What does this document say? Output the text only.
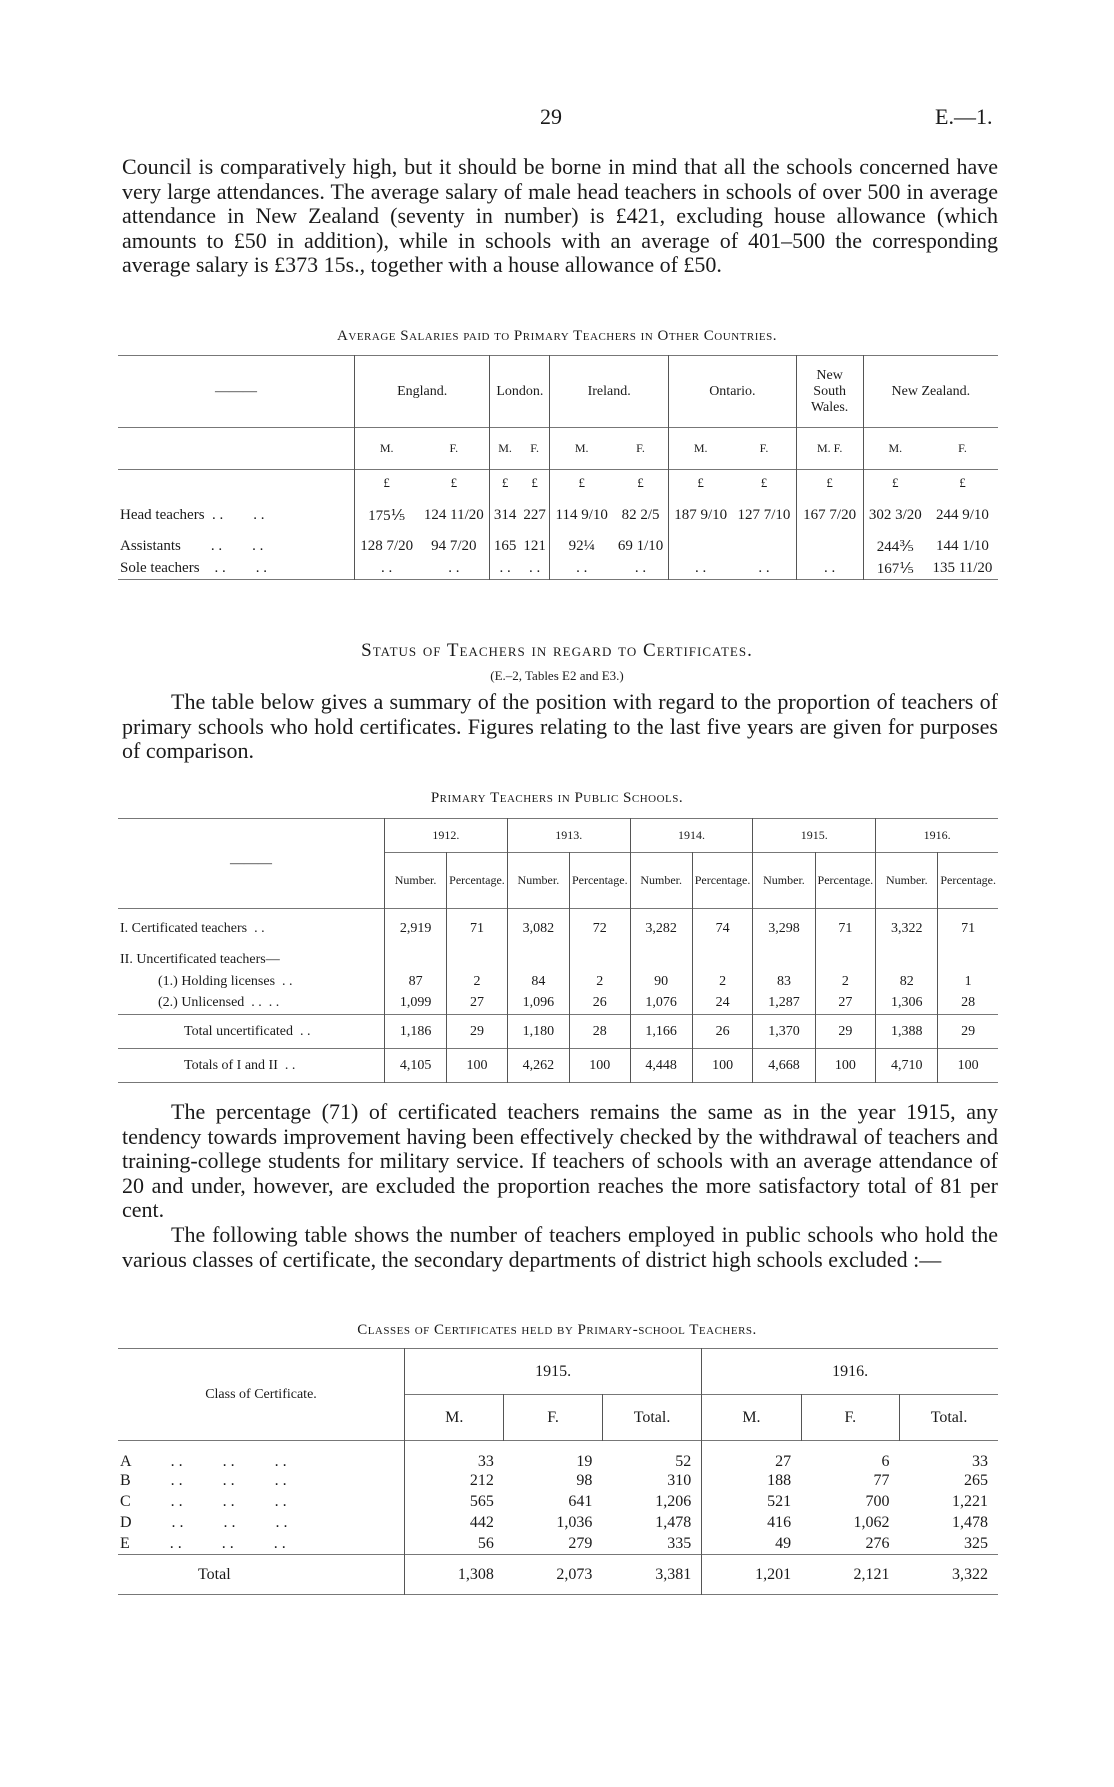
29	E.—1.

Council is comparatively high, but it should be borne in mind that all the schools concerned have very large attendances. The average salary of male head teachers in schools of over 500 in average attendance in New Zealand (seventy in number) is £421, excluding house allowance (which amounts to £50 in addition), while in schools with an average of 401–500 the corresponding average salary is £373 15s., together with a house allowance of £50.

Average Salaries paid to Primary Teachers in Other Countries.
———	England.		London.		Ireland.		Ontario.		New South Wales.	New Zealand.	
	M.	F.	M.	F.	M.	F.	M.	F.	M. F.	M.	F.
	£	£	£	£	£	£	£	£	£	£	£
Head teachers  . .        . .	175⅕	124 11/20	314	227	114 9/10	82 2/5	187 9/10	127 7/10	167 7/20	302 3/20	244 9/10
Assistants        . .        . .	128 7/20	94 7/20	165	121	92¼	69 1/10				244⅗	144 1/10
Sole teachers    . .        . .	. .	. .	. .	. .	. .	. .	. .	. .	. .	167⅕	135 11/20
Status of Teachers in regard to Certificates.
(E.–2, Tables E2 and E3.)

The table below gives a summary of the position with regard to the proportion of teachers of primary schools who hold certificates. Figures relating to the last five years are given for purposes of comparison.

Primary Teachers in Public Schools.
———	1912.		1913.		1914.		1915.		1916.	
	Number.	Percentage.	Number.	Percentage.	Number.	Percentage.	Number.	Percentage.	Number.	Percentage.
I. Certificated teachers  . .	2,919	71	3,082	72	3,282	74	3,298	71	3,322	71
II. Uncertificated teachers—										
(1.) Holding licenses  . .	87	2	84	2	90	2	83	2	82	1
(2.) Unlicensed  . .  . .	1,099	27	1,096	26	1,076	24	1,287	27	1,306	28
Total uncertificated  . .	1,186	29	1,180	28	1,166	26	1,370	29	1,388	29
Totals of I and II  . .	4,105	100	4,262	100	4,448	100	4,668	100	4,710	100

The percentage (71) of certificated teachers remains the same as in the year 1915, any tendency towards improvement having been effectively checked by the withdrawal of teachers and training-college students for military service. If teachers of schools with an average attendance of 20 and under, however, are excluded the proportion reaches the more satisfactory total of 81 per cent.

The following table shows the number of teachers employed in public schools who hold the various classes of certificate, the secondary departments of district high schools excluded :—

Classes of Certificates held by Primary-school Teachers.
Class of Certificate.	1915.			1916.		
	M.	F.	Total.	M.	F.	Total.
A          . .          . .          . .	33	19	52	27	6	33
B          . .          . .          . .	212	98	310	188	77	265
C          . .          . .          . .	565	641	1,206	521	700	1,221
D          . .          . .          . .	442	1,036	1,478	416	1,062	1,478
E          . .          . .          . .	56	279	335	49	276	325
Total	1,308	2,073	3,381	1,201	2,121	3,322
